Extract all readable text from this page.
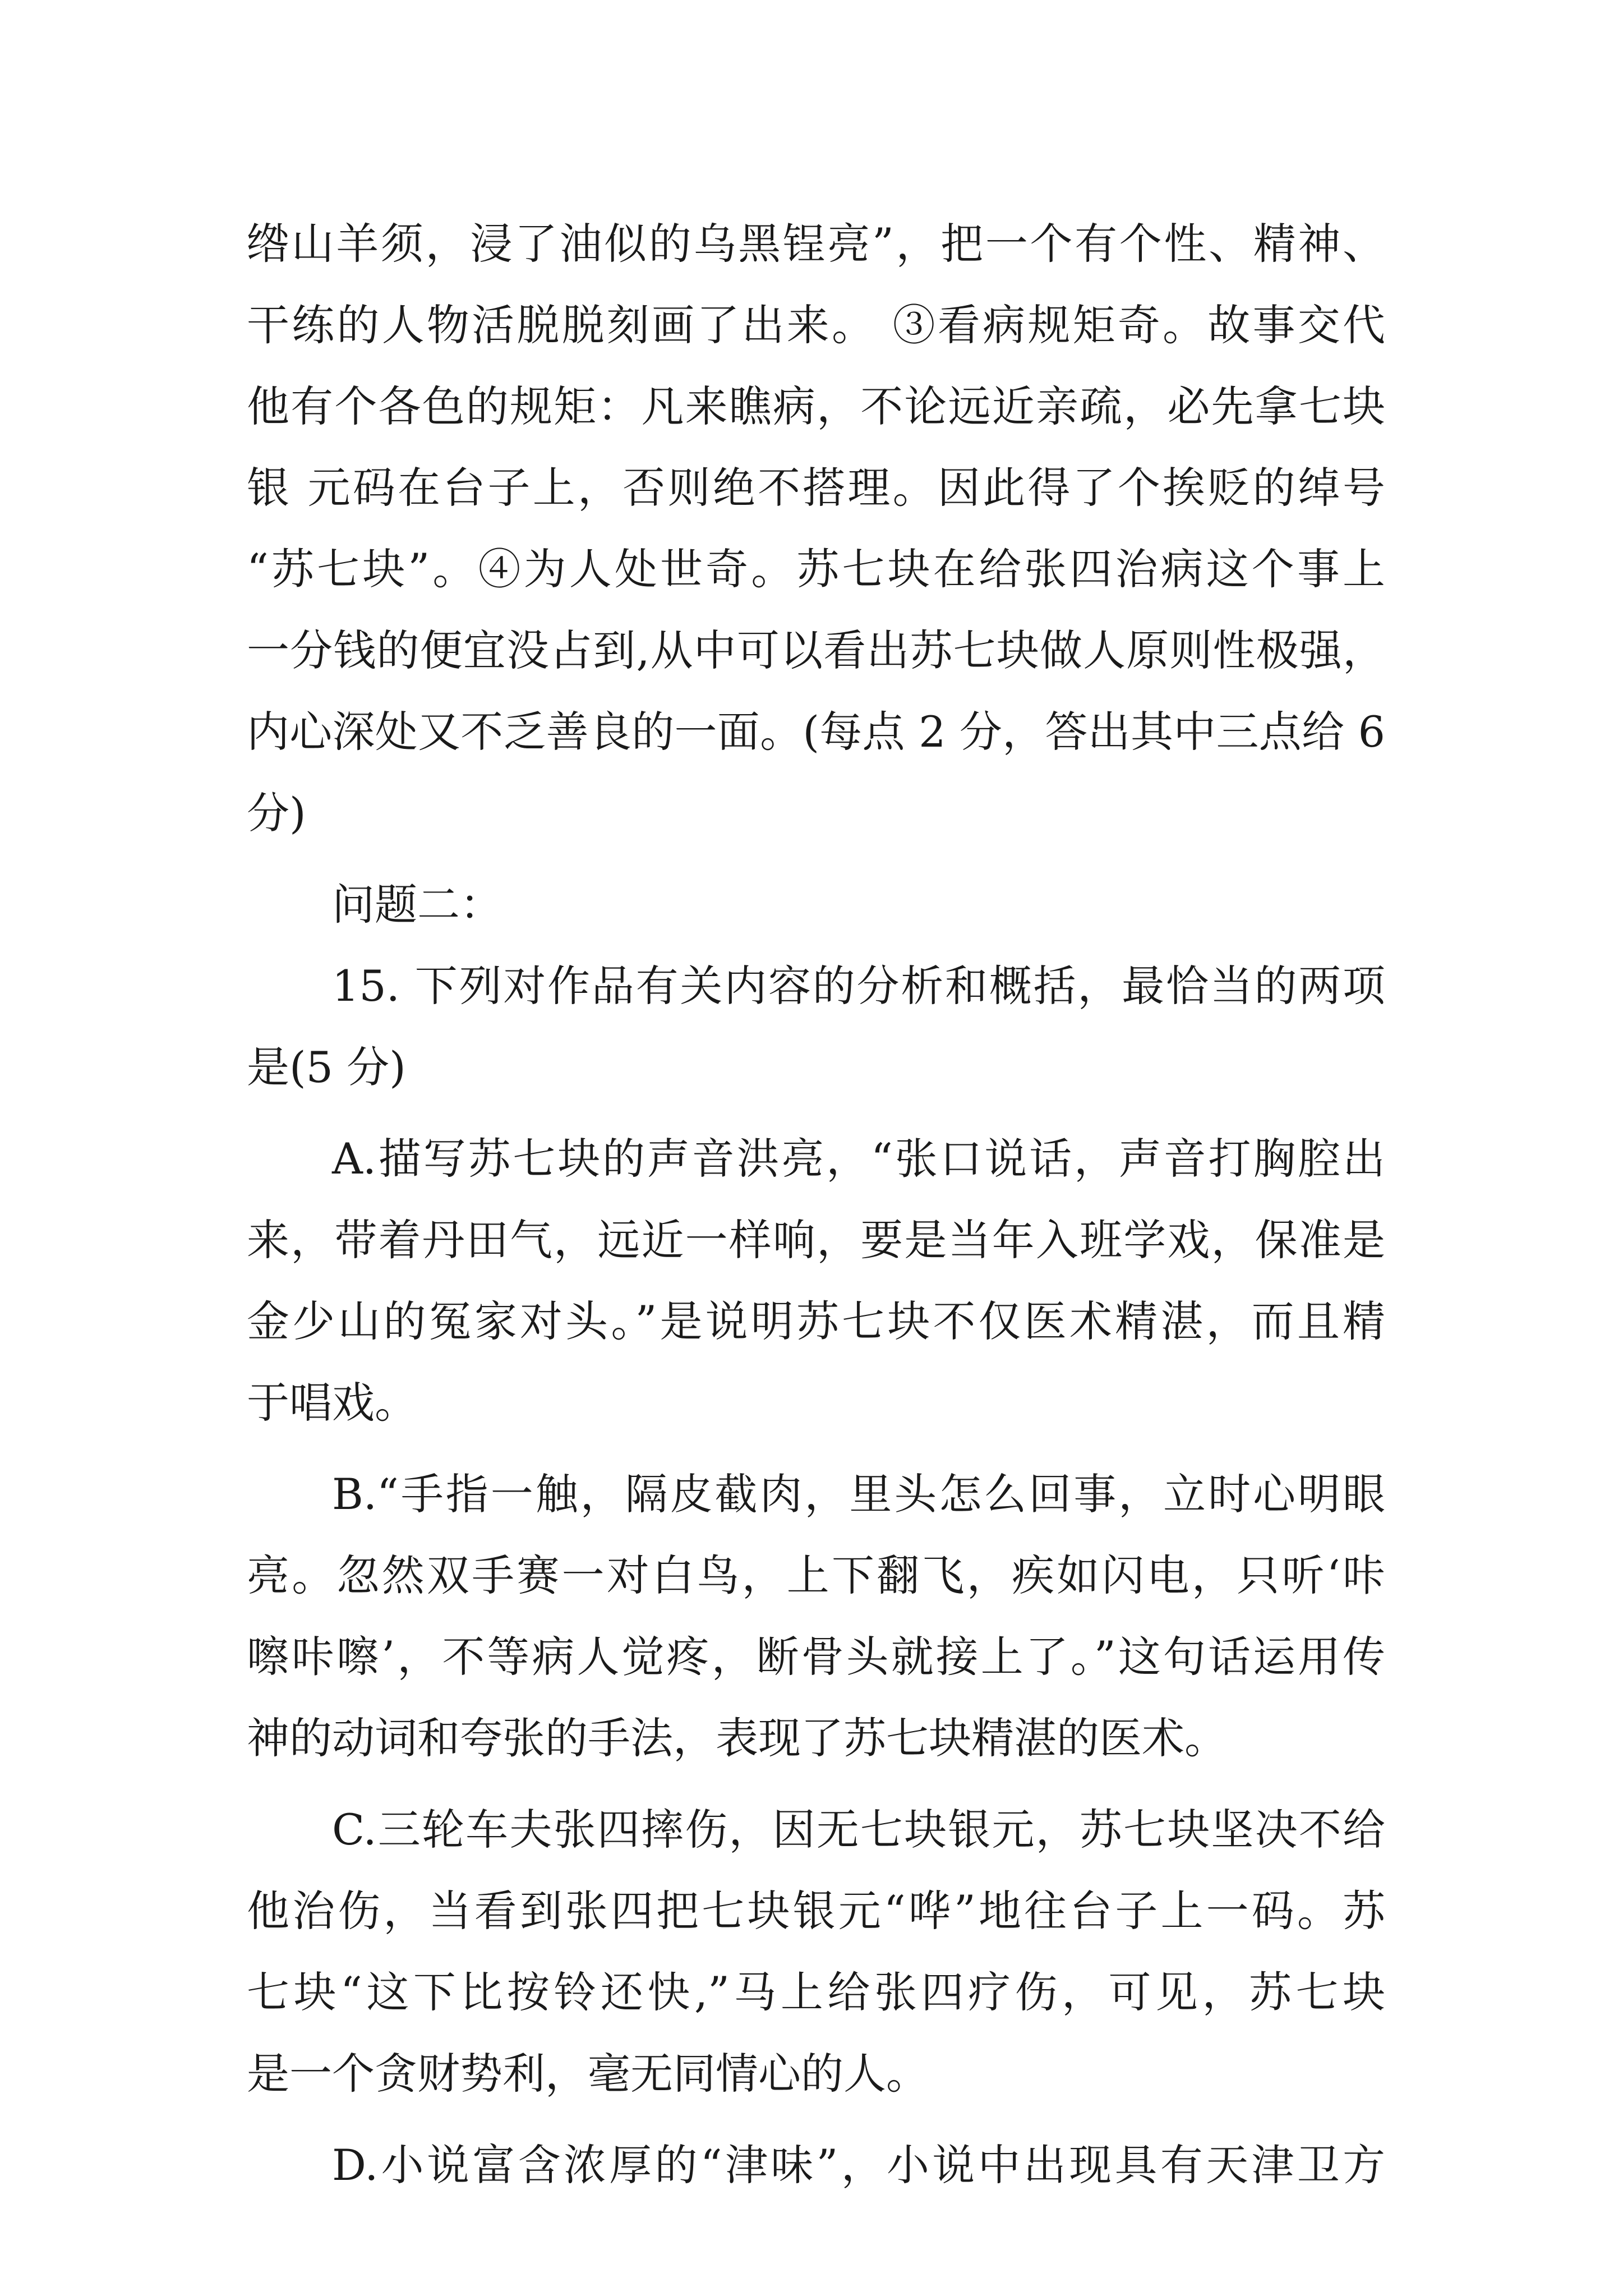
绺山羊须，浸了油似的乌黑锃亮”，把一个有个性、精神、
干练的人物活脱脱刻画了出来。 ③看病规矩奇。故事交代
他有个各色的规矩：凡来瞧病，不论远近亲疏，必先拿七块
银 元码在台子上，否则绝不搭理。因此得了个挨贬的绰号
“苏七块”。④为人处世奇。苏七块在给张四治病这个事上
一分钱的便宜没占到,从中可以看出苏七块做人原则性极强，
内心深处又不乏善良的一面。(每点 2 分，答出其中三点给 6
分)
问题二：
15. 下列对作品有关内容的分析和概括，最恰当的两项
是(5 分)
A.描写苏七块的声音洪亮，“张口说话，声音打胸腔出
来，带着丹田气，远近一样响，要是当年入班学戏，保准是
金少山的冤家对头。”是说明苏七块不仅医术精湛，而且精
于唱戏。
B.“手指一触，隔皮截肉，里头怎么回事，立时心明眼
亮。忽然双手赛一对白鸟，上下翻飞，疾如闪电，只听‘咔
嚓咔嚓’，不等病人觉疼，断骨头就接上了。”这句话运用传
神的动词和夸张的手法，表现了苏七块精湛的医术。
C.三轮车夫张四摔伤，因无七块银元，苏七块坚决不给
他治伤，当看到张四把七块银元“哗”地往台子上一码。苏
七块“这下比按铃还快,”马上给张四疗伤，可见，苏七块
是一个贪财势利，毫无同情心的人。
D.小说富含浓厚的“津味”，小说中出现具有天津卫方
